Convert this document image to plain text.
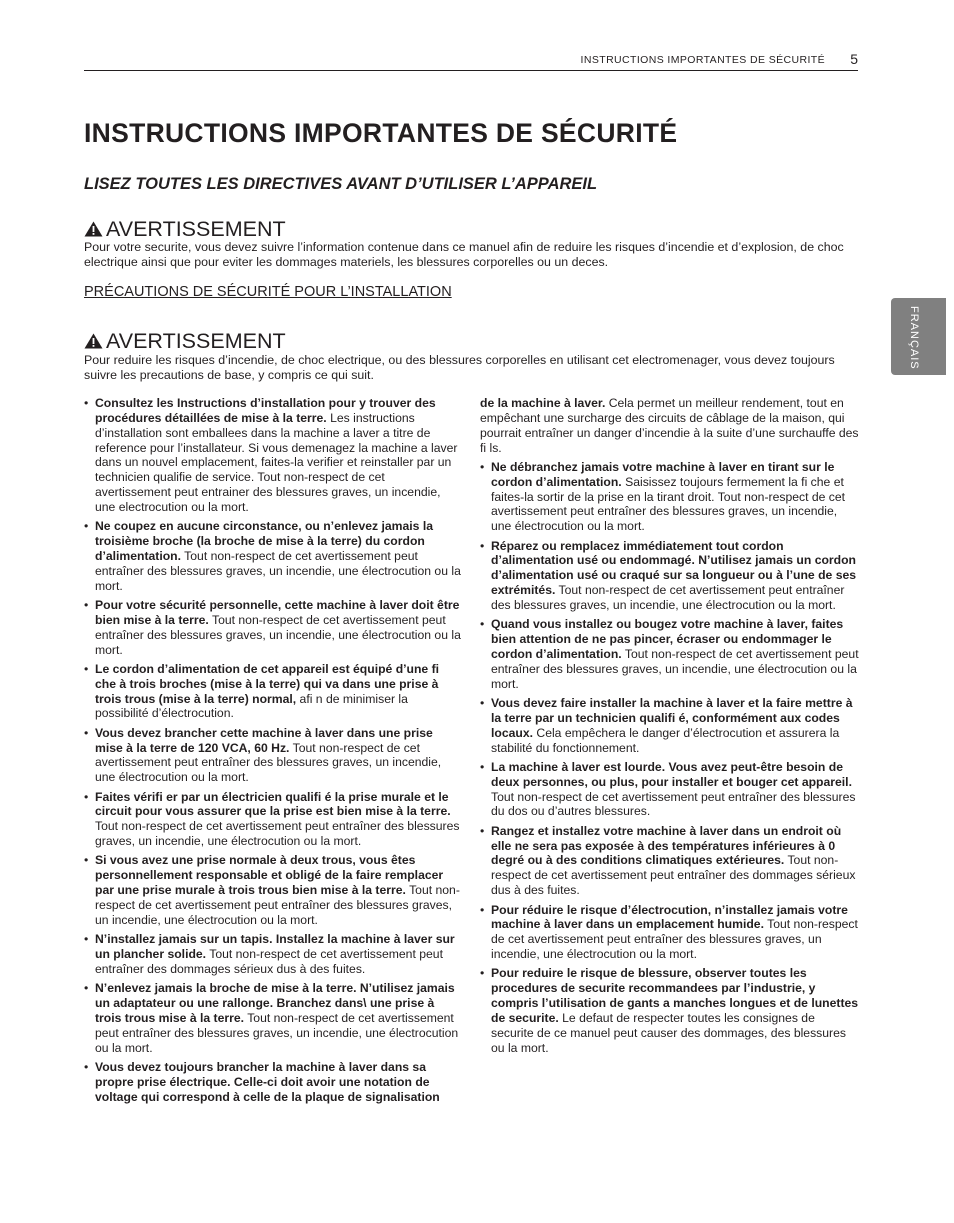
INSTRUCTIONS IMPORTANTES DE SÉCURITÉ 5
FRANÇAIS
INSTRUCTIONS IMPORTANTES DE SÉCURITÉ
LISEZ TOUTES LES DIRECTIVES AVANT D’UTILISER L’APPAREIL
AVERTISSEMENT

Pour votre securite, vous devez suivre l’information contenue dans ce manuel afin de reduire les risques d’incendie et d’explosion, de choc electrique ainsi que pour eviter les dommages materiels, les blessures corporelles ou un deces.

PRÉCAUTIONS DE SÉCURITÉ POUR L’INSTALLATION

AVERTISSEMENT

Pour reduire les risques d’incendie, de choc electrique, ou des blessures corporelles en utilisant cet electromenager, vous devez toujours suivre les precautions de base, y compris ce qui suit.

• Consultez les Instructions d’installation pour y trouver des procédures détaillées de mise à la terre. Les instructions d’installation sont emballees dans la machine a laver a titre de reference pour l’installateur. Si vous demenagez la machine a laver dans un nouvel emplacement, faites-la verifier et reinstaller par un technicien qualifie de service. Tout non-respect de cet avertissement peut entrainer des blessures graves, un incendie, une electrocution ou la mort.
• Ne coupez en aucune circonstance, ou n’enlevez jamais la troisième broche (la broche de mise à la terre) du cordon d’alimentation. Tout non-respect de cet avertissement peut entraîner des blessures graves, un incendie, une électrocution ou la mort.
• Pour votre sécurité personnelle, cette machine à laver doit être bien mise à la terre. Tout non-respect de cet avertissement peut entraîner des blessures graves, un incendie, une électrocution ou la mort.
• Le cordon d’alimentation de cet appareil est équipé d’une fi che à trois broches (mise à la terre) qui va dans une prise à trois trous (mise à la terre) normal, afi n de minimiser la possibilité d’électrocution.
• Vous devez brancher cette machine à laver dans une prise mise à la terre de 120 VCA, 60 Hz. Tout non-respect de cet avertissement peut entraîner des blessures graves, un incendie, une électrocution ou la mort.
• Faites vérifi er par un électricien qualifi é la prise murale et le circuit pour vous assurer que la prise est bien mise à la terre. Tout non-respect de cet avertissement peut entraîner des blessures graves, un incendie, une électrocution ou la mort.
• Si vous avez une prise normale à deux trous, vous êtes personnellement responsable et obligé de la faire remplacer par une prise murale à trois trous bien mise à la terre. Tout non-respect de cet avertissement peut entraîner des blessures graves, un incendie, une électrocution ou la mort.
• N’installez jamais sur un tapis. Installez la machine à laver sur un plancher solide. Tout non-respect de cet avertissement peut entraîner des dommages sérieux dus à des fuites.
• N’enlevez jamais la broche de mise à la terre. N’utilisez jamais un adaptateur ou une rallonge. Branchez dans\ une prise à trois trous mise à la terre. Tout non-respect de cet avertissement peut entraîner des blessures graves, un incendie, une électrocution ou la mort.
• Vous devez toujours brancher la machine à laver dans sa propre prise électrique. Celle-ci doit avoir une notation de voltage qui correspond à celle de la plaque de signalisation
de la machine à laver. Cela permet un meilleur rendement, tout en empêchant une surcharge des circuits de câblage de la maison, qui pourrait entraîner un danger d’incendie à la suite d’une surchauffe des fi ls.
• Ne débranchez jamais votre machine à laver en tirant sur le cordon d’alimentation. Saisissez toujours fermement la fi che et faites-la sortir de la prise en la tirant droit. Tout non-respect de cet avertissement peut entraîner des blessures graves, un incendie, une électrocution ou la mort.
• Réparez ou remplacez immédiatement tout cordon d’alimentation usé ou endommagé. N’utilisez jamais un cordon d’alimentation usé ou craqué sur sa longueur ou à l’une de ses extrémités. Tout non-respect de cet avertissement peut entraîner des blessures graves, un incendie, une électrocution ou la mort.
• Quand vous installez ou bougez votre machine à laver, faites bien attention de ne pas pincer, écraser ou endommager le cordon d’alimentation. Tout non-respect de cet avertissement peut entraîner des blessures graves, un incendie, une électrocution ou la mort.
• Vous devez faire installer la machine à laver et la faire mettre à la terre par un technicien qualifi é, conformément aux codes locaux. Cela empêchera le danger d’électrocution et assurera la stabilité du fonctionnement.
• La machine à laver est lourde. Vous avez peut-être besoin de deux personnes, ou plus, pour installer et bouger cet appareil. Tout non-respect de cet avertissement peut entraîner des blessures du dos ou d’autres blessures.
• Rangez et installez votre machine à laver dans un endroit où elle ne sera pas exposée à des températures inférieures à 0 degré ou à des conditions climatiques extérieures. Tout non-respect de cet avertissement peut entraîner des dommages sérieux dus à des fuites.
• Pour réduire le risque d’électrocution, n’installez jamais votre machine à laver dans un emplacement humide. Tout non-respect de cet avertissement peut entraîner des blessures graves, un incendie, une électrocution ou la mort.
• Pour reduire le risque de blessure, observer toutes les procedures de securite recommandees par l’industrie, y compris l’utilisation de gants a manches longues et de lunettes de securite. Le defaut de respecter toutes les consignes de securite de ce manuel peut causer des dommages, des blessures ou la mort.
